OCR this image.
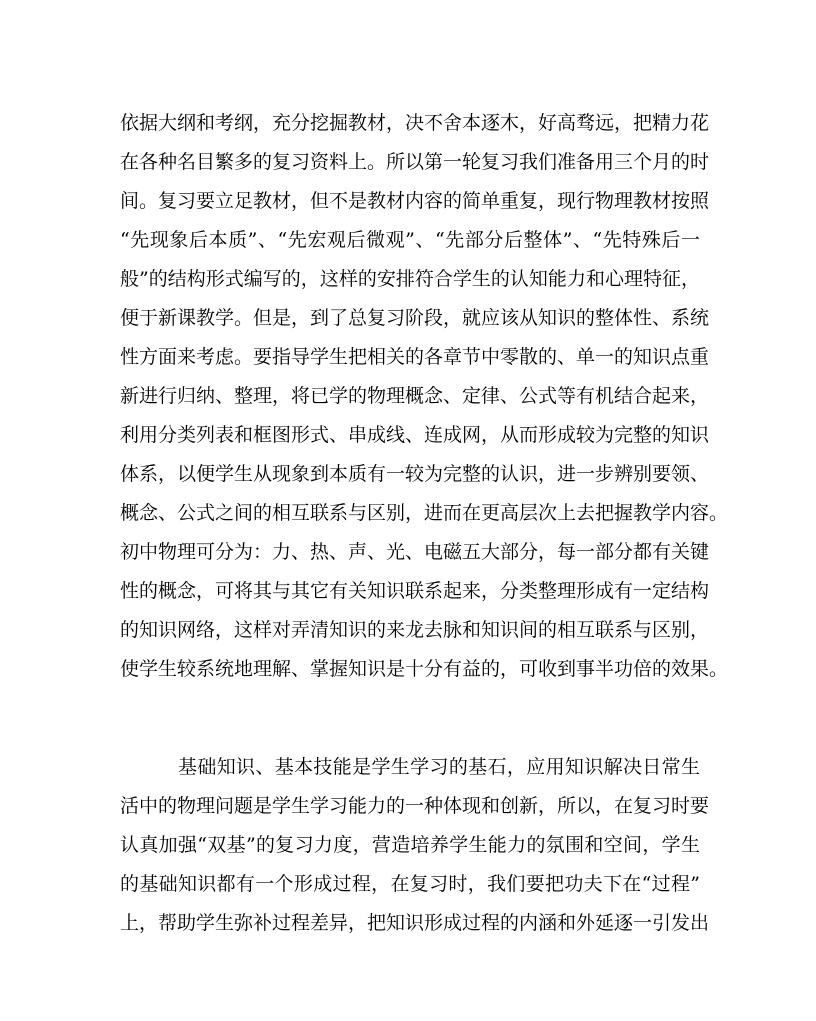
依据大纲和考纲，充分挖掘教材，决不舍本逐木，好高骛远，把精力花
在各种名目繁多的复习资料上。所以第一轮复习我们准备用三个月的时
间。复习要立足教材，但不是教材内容的简单重复，现行物理教材按照
“先现象后本质”、“先宏观后微观”、“先部分后整体”、“先特殊后一
般”的结构形式编写的，这样的安排符合学生的认知能力和心理特征，
便于新课教学。但是，到了总复习阶段，就应该从知识的整体性、系统
性方面来考虑。要指导学生把相关的各章节中零散的、单一的知识点重
新进行归纳、整理，将已学的物理概念、定律、公式等有机结合起来，
利用分类列表和框图形式、串成线、连成网，从而形成较为完整的知识
体系，以便学生从现象到本质有一较为完整的认识，进一步辨别要领、
概念、公式之间的相互联系与区别，进而在更高层次上去把握教学内容。
初中物理可分为：力、热、声、光、电磁五大部分，每一部分都有关键
性的概念，可将其与其它有关知识联系起来，分类整理形成有一定结构
的知识网络，这样对弄清知识的来龙去脉和知识间的相互联系与区别，
使学生较系统地理解、掌握知识是十分有益的，可收到事半功倍的效果。
基础知识、基本技能是学生学习的基石，应用知识解决日常生
活中的物理问题是学生学习能力的一种体现和创新，所以，在复习时要
认真加强“双基”的复习力度，营造培养学生能力的氛围和空间，学生
的基础知识都有一个形成过程，在复习时，我们要把功夫下在“过程”
上，帮助学生弥补过程差异，把知识形成过程的内涵和外延逐一引发出
